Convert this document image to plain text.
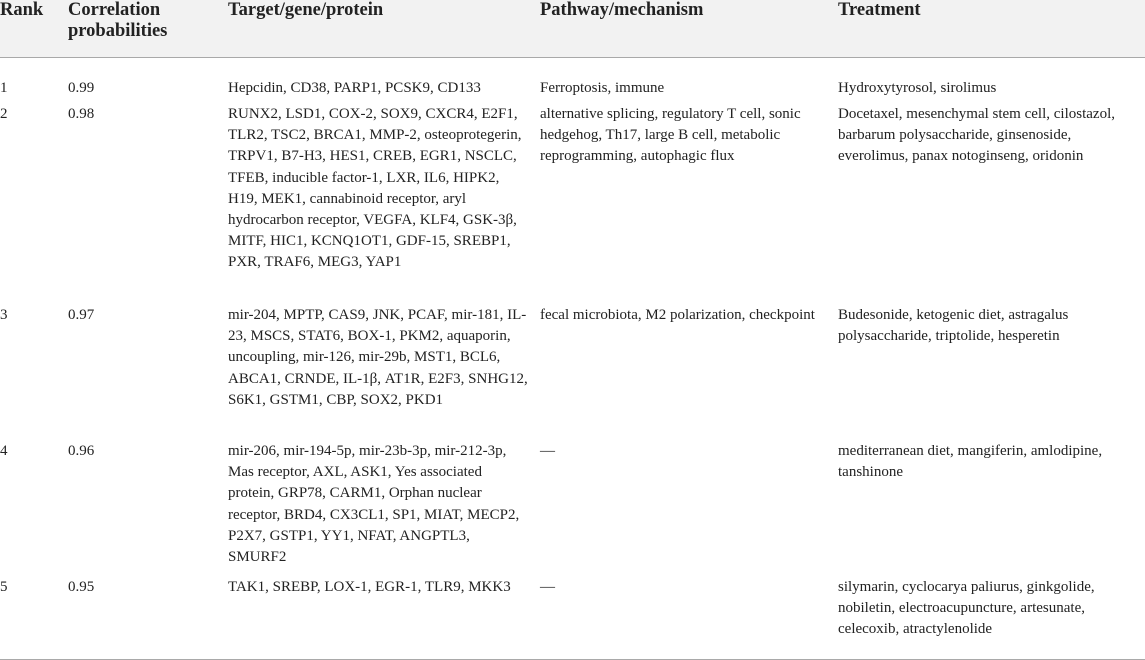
Rank	Correlation probabilities	Target/gene/protein	Pathway/mechanism	Treatment
1	0.99	Hepcidin, CD38, PARP1, PCSK9, CD133	Ferroptosis, immune	Hydroxytyrosol, sirolimus
2	0.98	RUNX2, LSD1, COX-2, SOX9, CXCR4, E2F1, TLR2, TSC2, BRCA1, MMP-2, osteoprotegerin, TRPV1, B7-H3, HES1, CREB, EGR1, NSCLC, TFEB, inducible factor-1, LXR, IL6, HIPK2, H19, MEK1, cannabinoid receptor, aryl hydrocarbon receptor, VEGFA, KLF4, GSK-3β, MITF, HIC1, KCNQ1OT1, GDF-15, SREBP1, PXR, TRAF6, MEG3, YAP1	alternative splicing, regulatory T cell, sonic hedgehog, Th17, large B cell, metabolic reprogramming, autophagic flux	Docetaxel, mesenchymal stem cell, cilostazol, barbarum polysaccharide, ginsenoside, everolimus, panax notoginseng, oridonin
3	0.97	mir-204, MPTP, CAS9, JNK, PCAF, mir-181, IL-23, MSCS, STAT6, BOX-1, PKM2, aquaporin, uncoupling, mir-126, mir-29b, MST1, BCL6, ABCA1, CRNDE, IL-1β, AT1R, E2F3, SNHG12, S6K1, GSTM1, CBP, SOX2, PKD1	fecal microbiota, M2 polarization, checkpoint	Budesonide, ketogenic diet, astragalus polysaccharide, triptolide, hesperetin
4	0.96	mir-206, mir-194-5p, mir-23b-3p, mir-212-3p, Mas receptor, AXL, ASK1, Yes associated protein, GRP78, CARM1, Orphan nuclear receptor, BRD4, CX3CL1, SP1, MIAT, MECP2, P2X7, GSTP1, YY1, NFAT, ANGPTL3, SMURF2	—	mediterranean diet, mangiferin, amlodipine, tanshinone
5	0.95	TAK1, SREBP, LOX-1, EGR-1, TLR9, MKK3	—	silymarin, cyclocarya paliurus, ginkgolide, nobiletin, electroacupuncture, artesunate, celecoxib, atractylenolide
